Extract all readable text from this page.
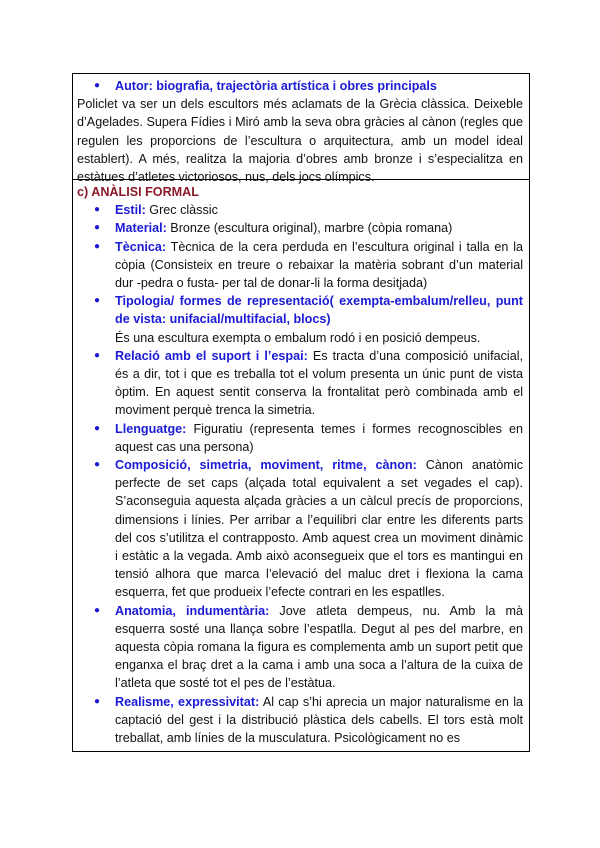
● Autor: biografia, trajectòria artística i obres principals
Policlet va ser un dels escultors més aclamats de la Grècia clàssica. Deixeble d’Agelades. Supera Fídies i Miró amb la seva obra gràcies al cànon (regles que regulen les proporcions de l’escultura o arquitectura, amb un model ideal establert). A més, realitza la majoria d’obres amb bronze i s’especialitza en estàtues d’atletes victoriosos, nus, dels jocs olímpics.
c) ANÀLISI FORMAL
● Estil: Grec clàssic
● Material: Bronze (escultura original), marbre (còpia romana)
● Tècnica: Tècnica de la cera perduda en l’escultura original i talla en la còpia (Consisteix en treure o rebaixar la matèria sobrant d’un material dur -pedra o fusta- per tal de donar-li la forma desitjada)
● Tipologia/ formes de representació( exempta-embalum/relleu, punt de vista: unifacial/multifacial, blocs)
És una escultura exempta o embalum rodó i en posició dempeus.
● Relació amb el suport i l’espai: Es tracta d’una composició unifacial, és a dir, tot i que es treballa tot el volum presenta un únic punt de vista òptim. En aquest sentit conserva la frontalitat però combinada amb el moviment perquè trenca la simetria.
● Llenguatge: Figuratiu (representa temes i formes recognoscibles en aquest cas una persona)
● Composició, simetria, moviment, ritme, cànon: Cànon anatòmic perfecte de set caps (alçada total equivalent a set vegades el cap). S’aconseguia aquesta alçada gràcies a un càlcul precís de proporcions, dimensions i línies. Per arribar a l’equilibri clar entre les diferents parts del cos s’utilitza el contrapposto. Amb aquest crea un moviment dinàmic i estàtic a la vegada. Amb això aconsegueix que el tors es mantingui en tensió alhora que marca l’elevació del maluc dret i flexiona la cama esquerra, fet que produeix l’efecte contrari en les espatlles.
● Anatomia, indumentària: Jove atleta dempeus, nu. Amb la mà esquerra sosté una llança sobre l’espatlla. Degut al pes del marbre, en aquesta còpia romana la figura es complementa amb un suport petit que enganxa el braç dret a la cama i amb una soca a l’altura de la cuixa de l’atleta que sosté tot el pes de l’estàtua.
● Realisme, expressivitat: Al cap s’hi aprecia un major naturalisme en la captació del gest i la distribució plàstica dels cabells. El tors està molt treballat, amb línies de la musculatura. Psicològicament no es
